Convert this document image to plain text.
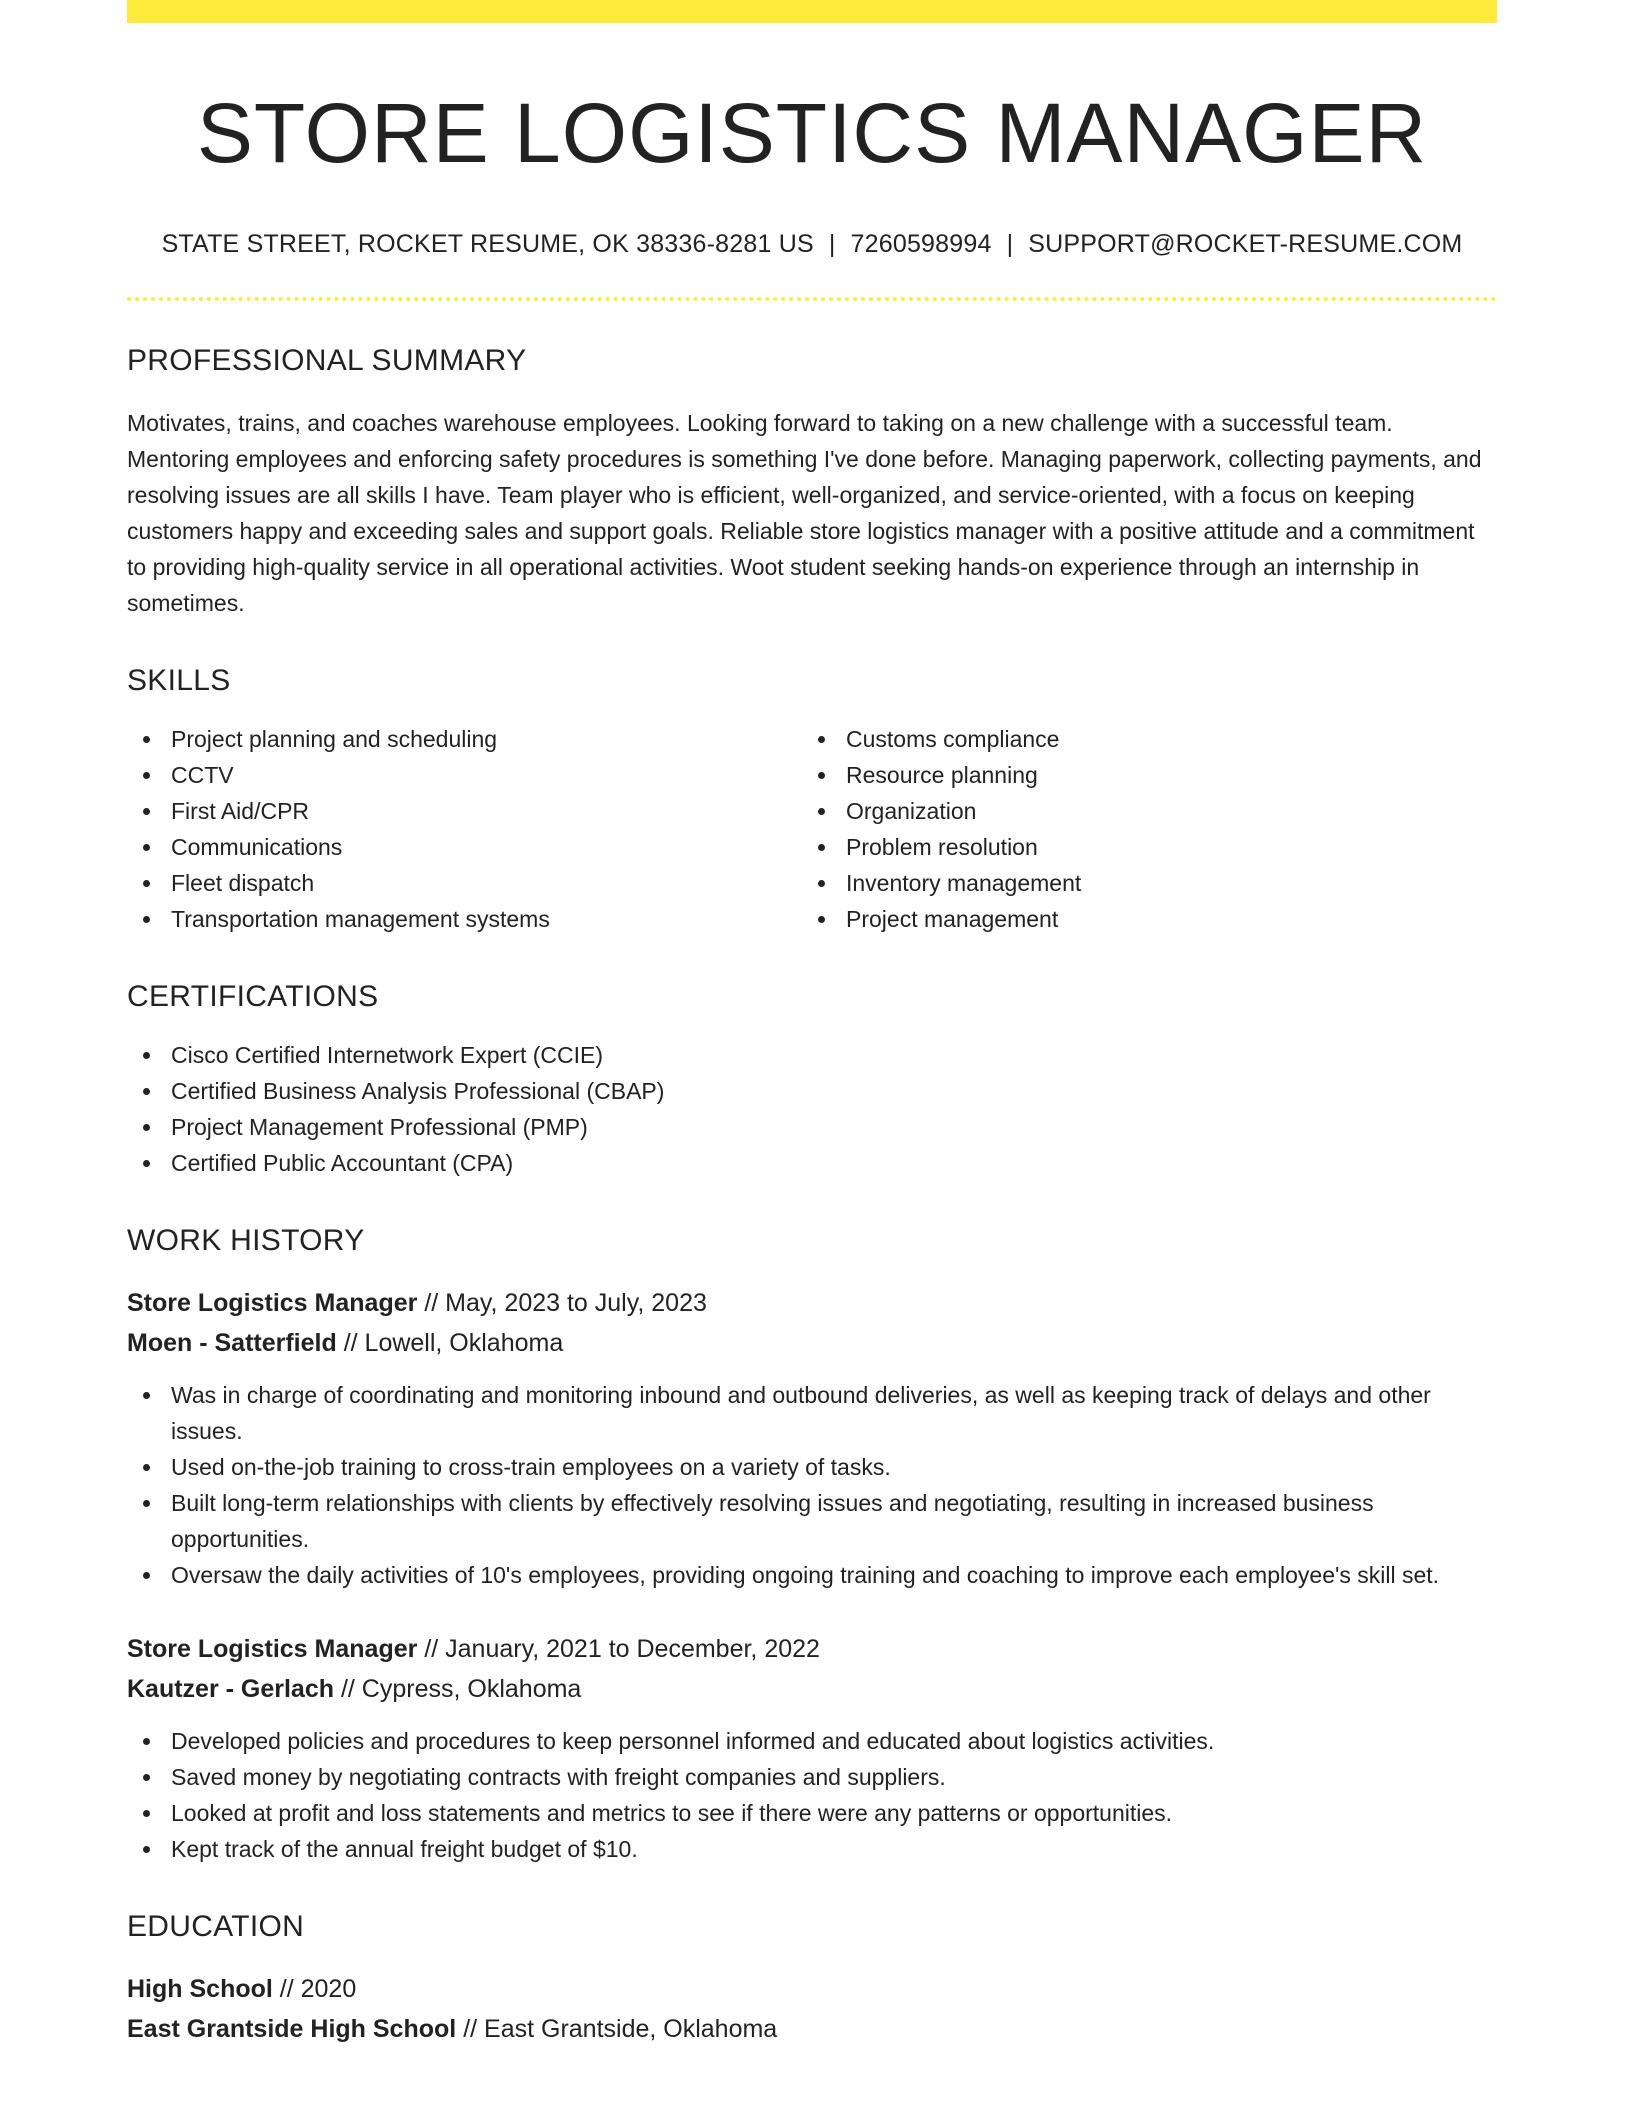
STORE LOGISTICS MANAGER
STATE STREET, ROCKET RESUME, OK 38336-8281 US | 7260598994 | SUPPORT@ROCKET-RESUME.COM
PROFESSIONAL SUMMARY
Motivates, trains, and coaches warehouse employees. Looking forward to taking on a new challenge with a successful team. Mentoring employees and enforcing safety procedures is something I've done before. Managing paperwork, collecting payments, and resolving issues are all skills I have. Team player who is efficient, well-organized, and service-oriented, with a focus on keeping customers happy and exceeding sales and support goals. Reliable store logistics manager with a positive attitude and a commitment to providing high-quality service in all operational activities. Woot student seeking hands-on experience through an internship in sometimes.
SKILLS
Project planning and scheduling
CCTV
First Aid/CPR
Communications
Fleet dispatch
Transportation management systems
Customs compliance
Resource planning
Organization
Problem resolution
Inventory management
Project management
CERTIFICATIONS
Cisco Certified Internetwork Expert (CCIE)
Certified Business Analysis Professional (CBAP)
Project Management Professional (PMP)
Certified Public Accountant (CPA)
WORK HISTORY
Store Logistics Manager // May, 2023 to July, 2023
Moen - Satterfield // Lowell, Oklahoma
Was in charge of coordinating and monitoring inbound and outbound deliveries, as well as keeping track of delays and other issues.
Used on-the-job training to cross-train employees on a variety of tasks.
Built long-term relationships with clients by effectively resolving issues and negotiating, resulting in increased business opportunities.
Oversaw the daily activities of 10's employees, providing ongoing training and coaching to improve each employee's skill set.
Store Logistics Manager // January, 2021 to December, 2022
Kautzer - Gerlach // Cypress, Oklahoma
Developed policies and procedures to keep personnel informed and educated about logistics activities.
Saved money by negotiating contracts with freight companies and suppliers.
Looked at profit and loss statements and metrics to see if there were any patterns or opportunities.
Kept track of the annual freight budget of $10.
EDUCATION
High School // 2020
East Grantside High School // East Grantside, Oklahoma
